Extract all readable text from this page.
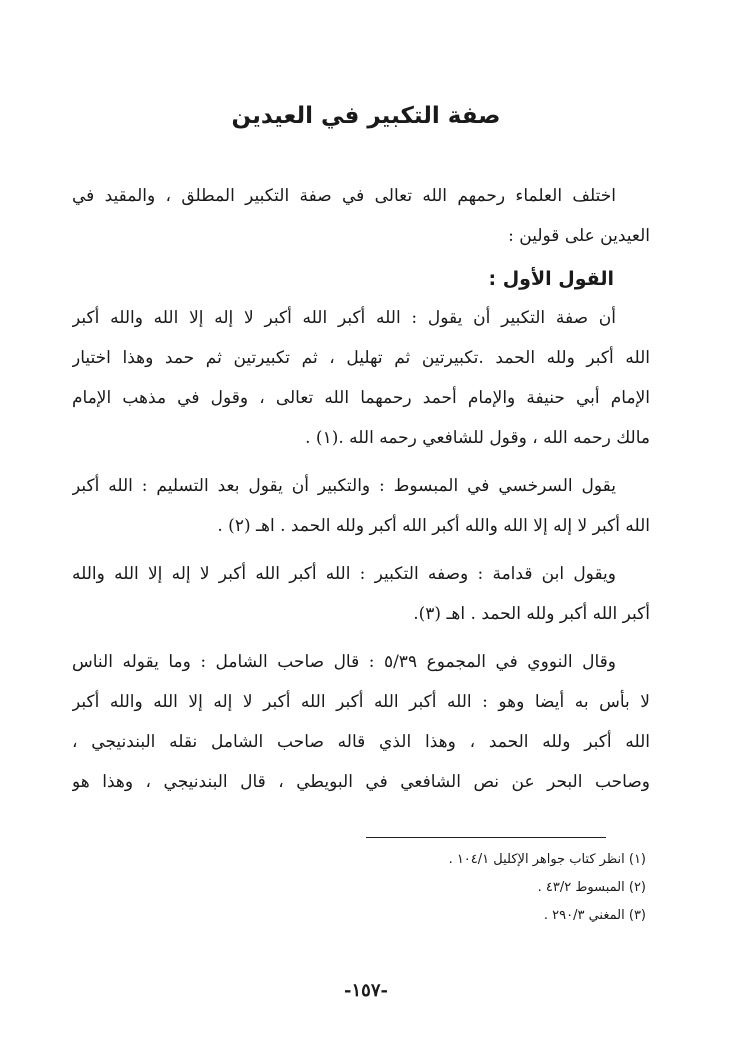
صفة التكبير في العيدين
اختلف العلماء رحمهم الله تعالى في صفة التكبير المطلق ، والمقيد في
العيدين على قولين :
القول الأول :
أن صفة التكبير أن يقول : الله أكبر الله أكبر لا إله إلا الله والله أكبر
الله أكبر ولله الحمد .تكبيرتين ثم تهليل ، ثم تكبيرتين ثم حمد وهذا اختيار
الإمام أبي حنيفة والإمام أحمد رحمهما الله تعالى ، وقول في مذهب الإمام
مالك رحمه الله ، وقول للشافعي رحمه الله .(١) .
يقول السرخسي في المبسوط : والتكبير أن يقول بعد التسليم : الله أكبر
الله أكبر لا إله إلا الله والله أكبر الله أكبر ولله الحمد . اهـ (٢) .
ويقول ابن قدامة : وصفه التكبير : الله أكبر الله أكبر لا إله إلا الله والله
أكبر الله أكبر ولله الحمد . اهـ (٣).
وقال النووي في المجموع ٥/٣٩ : قال صاحب الشامل : وما يقوله الناس
لا بأس به أيضا وهو : الله أكبر الله أكبر الله أكبر لا إله إلا الله والله أكبر
الله أكبر ولله الحمد ، وهذا الذي قاله صاحب الشامل نقله البندنيجي ،
وصاحب البحر عن نص الشافعي في البويطي ، قال البندنيجي ، وهذا هو
(١) انظر كتاب جواهر الإكليل ١٠٤/١ .
(٢) المبسوط ٤٣/٢ .
(٣) المغني ٢٩٠/٣ .
-١٥٧-
